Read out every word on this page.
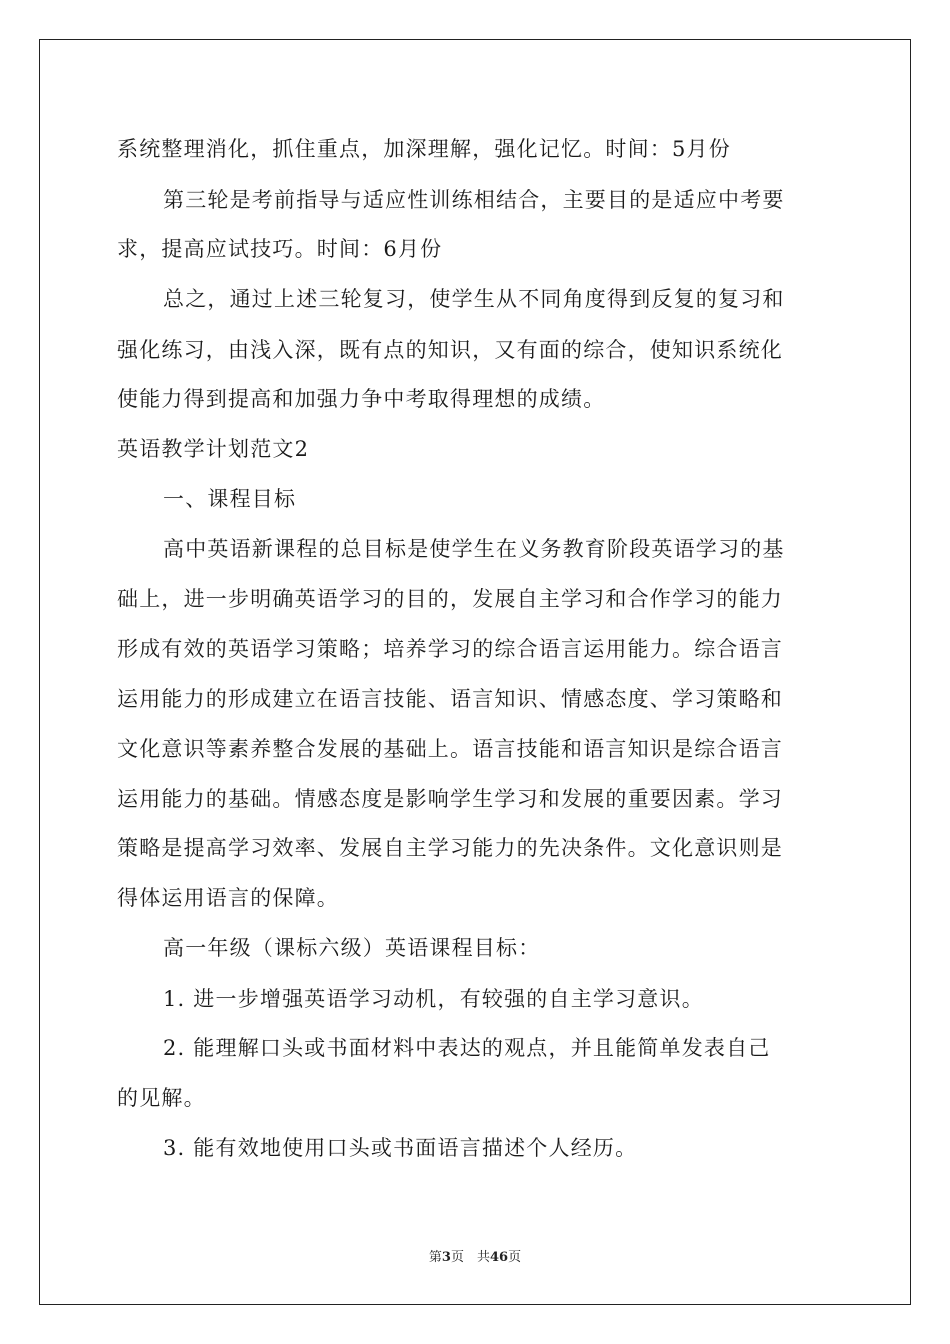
系统整理消化，抓住重点，加深理解，强化记忆。时间：5月份
第三轮是考前指导与适应性训练相结合，主要目的是适应中考要
求，提高应试技巧。时间：6月份
总之，通过上述三轮复习，使学生从不同角度得到反复的复习和
强化练习，由浅入深，既有点的知识，又有面的综合，使知识系统化
使能力得到提高和加强力争中考取得理想的成绩。
英语教学计划范文2
一、课程目标
高中英语新课程的总目标是使学生在义务教育阶段英语学习的基
础上，进一步明确英语学习的目的，发展自主学习和合作学习的能力
形成有效的英语学习策略；培养学习的综合语言运用能力。综合语言
运用能力的形成建立在语言技能、语言知识、情感态度、学习策略和
文化意识等素养整合发展的基础上。语言技能和语言知识是综合语言
运用能力的基础。情感态度是影响学生学习和发展的重要因素。学习
策略是提高学习效率、发展自主学习能力的先决条件。文化意识则是
得体运用语言的保障。
高一年级（课标六级）英语课程目标：
1. 进一步增强英语学习动机，有较强的自主学习意识。
2. 能理解口头或书面材料中表达的观点，并且能简单发表自己
的见解。
3. 能有效地使用口头或书面语言描述个人经历。
第3页　共46页
